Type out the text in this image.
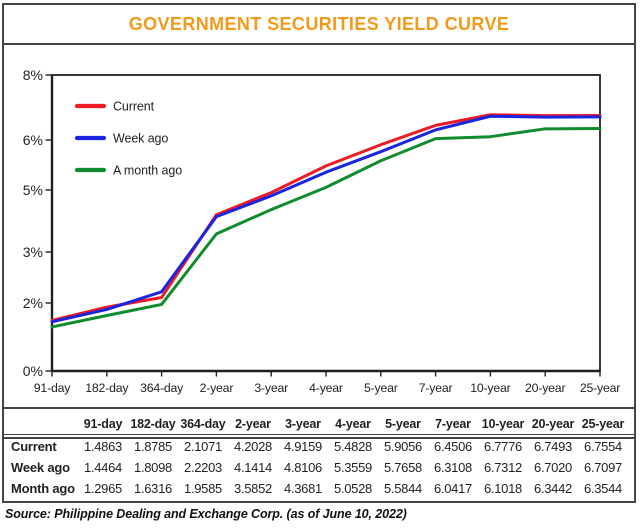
GOVERNMENT SECURITIES YIELD CURVE
8%
6%
5%
3%
2%
0%
91-day 182-day 364-day 2-year 3-year 4-year 5-year 7-year 10-year 20-year 25-year
Current
Week ago
A month ago
91-day 182-day 364-day 2-year	3-year	4-year	5-year	7-year 10-year 20-year 25-year
Current	1.4863 1.8785 2.1071 4.2028 4.9159 5.4828 5.9056 6.4506 6.7776 6.7493 6.7554
Week ago	1.4464 1.8098 2.2203 4.1414 4.8106 5.3559 5.7658 6.3108 6.7312 6.7020 6.7097
Month ago 1.2965 1.6316 1.9585 3.5852 4.3681 5.0528 5.5844 6.0417 6.1018 6.3442 6.3544
Source: Philippine Dealing and Exchange Corp. (as of June 10, 2022)
